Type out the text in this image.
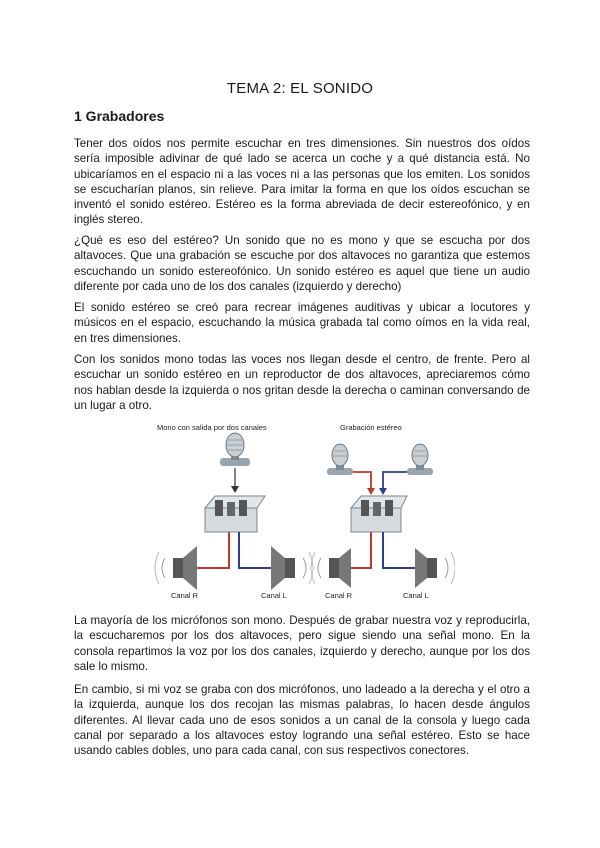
TEMA 2: EL SONIDO
1 Grabadores

Tener dos oídos nos permite escuchar en tres dimensiones. Sin nuestros dos oídos sería imposible adivinar de qué lado se acerca un coche y a qué distancia está. No ubicaríamos en el espacio ni a las voces ni a las personas que los emiten. Los sonidos se escucharían planos, sin relieve. Para imitar la forma en que los oídos escuchan se inventó el sonido estéreo. Estéreo es la forma abreviada de decir estereofónico, y en inglés stereo.

¿Qué es eso del estéreo? Un sonido que no es mono y que se escucha por dos altavoces. Que una grabación se escuche por dos altavoces no garantiza que estemos escuchando un sonido estereofónico. Un sonido estéreo es aquel que tiene un audio diferente por cada uno de los dos canales (izquierdo y derecho)

El sonido estéreo se creó para recrear imágenes auditivas y ubicar a locutores y músicos en el espacio, escuchando la música grabada tal como oímos en la vida real, en tres dimensiones.

Con los sonidos mono todas las voces nos llegan desde el centro, de frente. Pero al escuchar un sonido estéreo en un reproductor de dos altavoces, apreciaremos cómo nos hablan desde la izquierda o nos gritan desde la derecha o caminan conversando de un lugar a otro.

Mono con salida por dos canales
Canal R	Canal L
Grabación estéreo
Canal R	Canal L

La mayoría de los micrófonos son mono. Después de grabar nuestra voz y reproducirla, la escucharemos por los dos altavoces, pero sigue siendo una señal mono. En la consola repartimos la voz por los dos canales, izquierdo y derecho, aunque por los dos sale lo mismo.

En cambio, si mi voz se graba con dos micrófonos, uno ladeado a la derecha y el otro a la izquierda, aunque los dos recojan las mismas palabras, lo hacen desde ángulos diferentes. Al llevar cada uno de esos sonidos a un canal de la consola y luego cada canal por separado a los altavoces estoy logrando una señal estéreo. Esto se hace usando cables dobles, uno para cada canal, con sus respectivos conectores.
